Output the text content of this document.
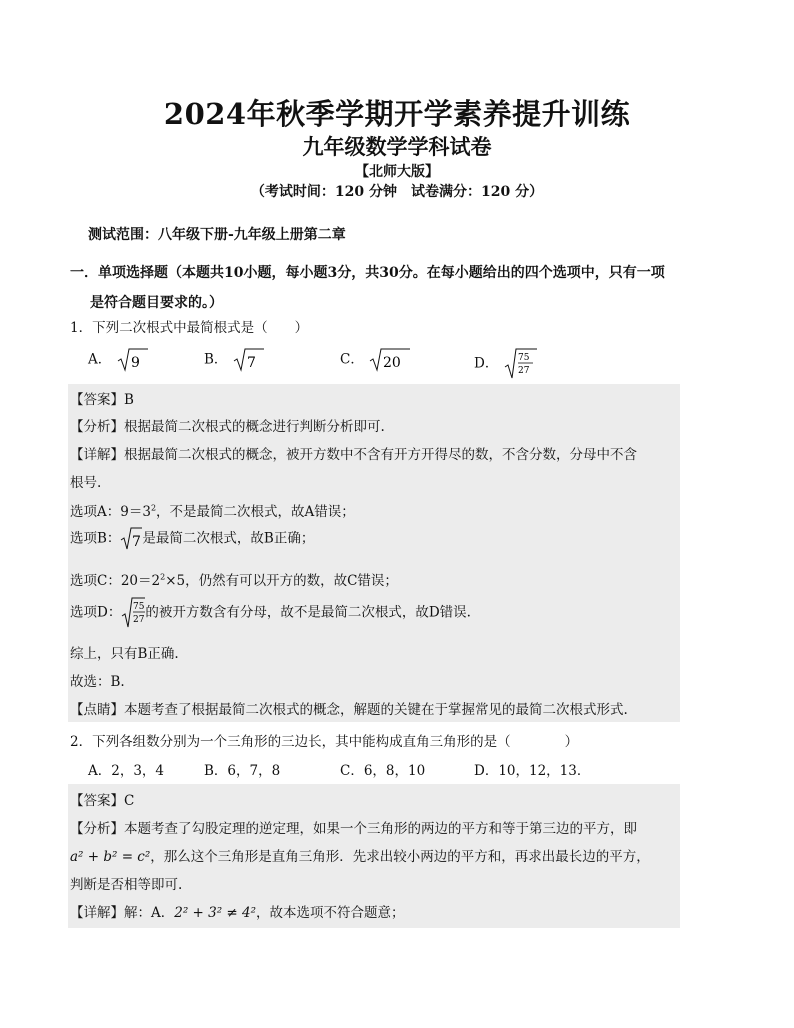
2024年秋季学期开学素养提升训练
九年级数学学科试卷
【北师大版】
（考试时间：120 分钟　试卷满分：120 分）
测试范围：八年级下册-九年级上册第二章
一．单项选择题（本题共10小题，每小题3分，共30分。在每小题给出的四个选项中，只有一项
是符合题目要求的。）
1．下列二次根式中最简根式是（　　）
A． 9	B． 7	C． 20	D． 75
27
【答案】B
【分析】根据最简二次根式的概念进行判断分析即可.
【详解】根据最简二次根式的概念，被开方数中不含有开方开得尽的数，不含分数，分母中不含
根号.
选项A：$9=3^2$，不是最简二次根式，故A错误；
选项B： 7 是最简二次根式，故B正确；
选项C：$20=2^2\times 5$，仍然有可以开方的数，故C错误；
选项D： 75
27 的被开方数含有分母，故不是最简二次根式，故D错误.
综上，只有B正确.
故选：B.
【点睛】本题考查了根据最简二次根式的概念，解题的关键在于掌握常见的最简二次根式形式.
2．下列各组数分别为一个三角形的三边长，其中能构成直角三角形的是（　　　　）
A．2，3，4	B．6，7，8	C．6，8，10	D．10，12，13．
【答案】C
【分析】本题考查了勾股定理的逆定理，如果一个三角形的两边的平方和等于第三边的平方，即
a² + b² = c²，那么这个三角形是直角三角形．先求出较小两边的平方和，再求出最长边的平方，
判断是否相等即可.
【详解】解：A．2² + 3² ≠ 4²，故本选项不符合题意；
